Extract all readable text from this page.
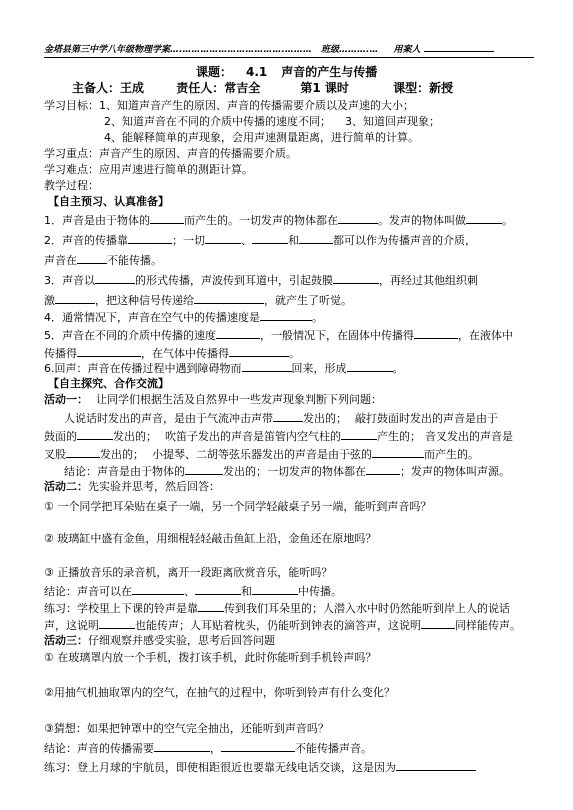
金塔县第三中学八年级物理学案….…………………………….……… 班级……….… 用案人
课题： 4.1 声音的产生与传播
主备人：王成	责任人：常吉全	第1 课时	课型：新授
学习目标：1、知道声音产生的原因、声音的传播需要介质以及声速的大小；
2、知道声音在不同的介质中传播的速度不同； 3、知道回声现象；
4、能解释简单的声现象，会用声速测量距离，进行简单的计算。
学习重点：声音产生的原因、声音的传播需要介质。
学习难点：应用声速进行简单的测距计算。
教学过程：
【自主预习、认真准备】
1．声音是由于物体的	而产生的。一切发声的物体都在	。发声的物体叫做	。
2．声音的传播靠	；一切	、	和	都可以作为传播声音的介质，
声音在	不能传播。
3．声音以	的形式传播，声波传到耳道中，引起鼓膜	，再经过其他组织刺
激	，把这种信号传递给	，就产生了听觉。
4．通常情况下，声音在空气中的传播速度是	。
5．声音在不同的介质中传播的速度	，一般情况下，在固体中传播得	，在液体中
传播得	，在气体中传播得	。
6.回声：声音在传播过程中遇到障碍物而	回来，形成	。
【自主探究、合作交流】
活动一： 让同学们根据生活及自然界中一些发声现象判断下列问题：
人说话时发出的声音，是由于气流冲击声带	发出的； 敲打鼓面时发出的声音是由于
鼓面的	发出的； 吹笛子发出的声音是笛管内空气柱的	产生的； 音叉发出的声音是
叉股	发出的； 小提琴、二胡等弦乐器发出的声音是由于弦的	而产生的。
结论：声音是由于物体的	发出的；一切发声的物体都在	；发声的物体叫声源。
活动二：先实验并思考，然后回答：
① 一个同学把耳朵贴在桌子一端，另一个同学轻敲桌子另一端，能听到声音吗？
② 玻璃缸中盛有金鱼，用细棍轻轻敲击鱼缸上沿，金鱼还在原地吗？
③ 正播放音乐的录音机，离开一段距离欣赏音乐，能听吗？
结论：声音可以在	、	和	中传播。
练习：学校里上下课的铃声是靠 传到我们耳朵里的；人潜入水中时仍然能听到岸上人的说话
声，这说明	也能传声；人耳贴着枕头，仍能听到钟表的滴答声，这说明	同样能传声。
活动三：仔细观察并感受实验，思考后回答问题
① 在玻璃罩内放一个手机，拨打该手机，此时你能听到手机铃声吗？
②用抽气机抽取罩内的空气，在抽气的过程中，你听到铃声有什么变化？
③猜想：如果把钟罩中的空气完全抽出，还能听到声音吗？
结论：声音的传播需要	，	不能传播声音。
练习：登上月球的宇航员，即使相距很近也要靠无线电话交谈，这是因为
